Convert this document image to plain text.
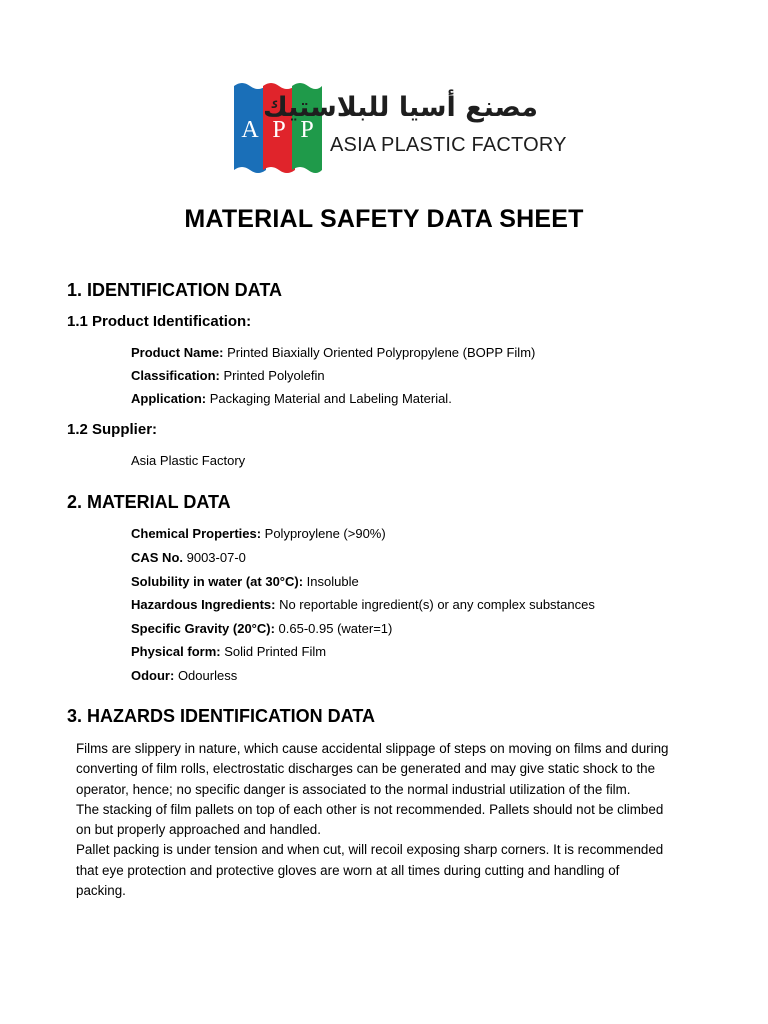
A P P
مصنع أسيا للبلاستيك
ASIA PLASTIC FACTORY
MATERIAL SAFETY DATA SHEET
1. IDENTIFICATION DATA
1.1 Product Identification:
Product Name: Printed Biaxially Oriented Polypropylene (BOPP Film)
Classification: Printed Polyolefin
Application: Packaging Material and Labeling Material.
1.2 Supplier:
Asia Plastic Factory
2. MATERIAL DATA
Chemical Properties: Polyproylene (>90%)
CAS No. 9003-07-0
Solubility in water (at 30°C): Insoluble
Hazardous Ingredients: No reportable ingredient(s) or any complex substances
Specific Gravity (20°C): 0.65-0.95 (water=1)
Physical form: Solid Printed Film
Odour: Odourless
3. HAZARDS IDENTIFICATION DATA

Films are slippery in nature, which cause accidental slippage of steps on moving on films and during

converting of film rolls, electrostatic discharges can be generated and may give static shock to the

operator, hence; no specific danger is associated to the normal industrial utilization of the film.

The stacking of film pallets on top of each other is not recommended. Pallets should not be climbed

on but properly approached and handled.

Pallet packing is under tension and when cut, will recoil exposing sharp corners. It is recommended

that eye protection and protective gloves are worn at all times during cutting and handling of

packing.
